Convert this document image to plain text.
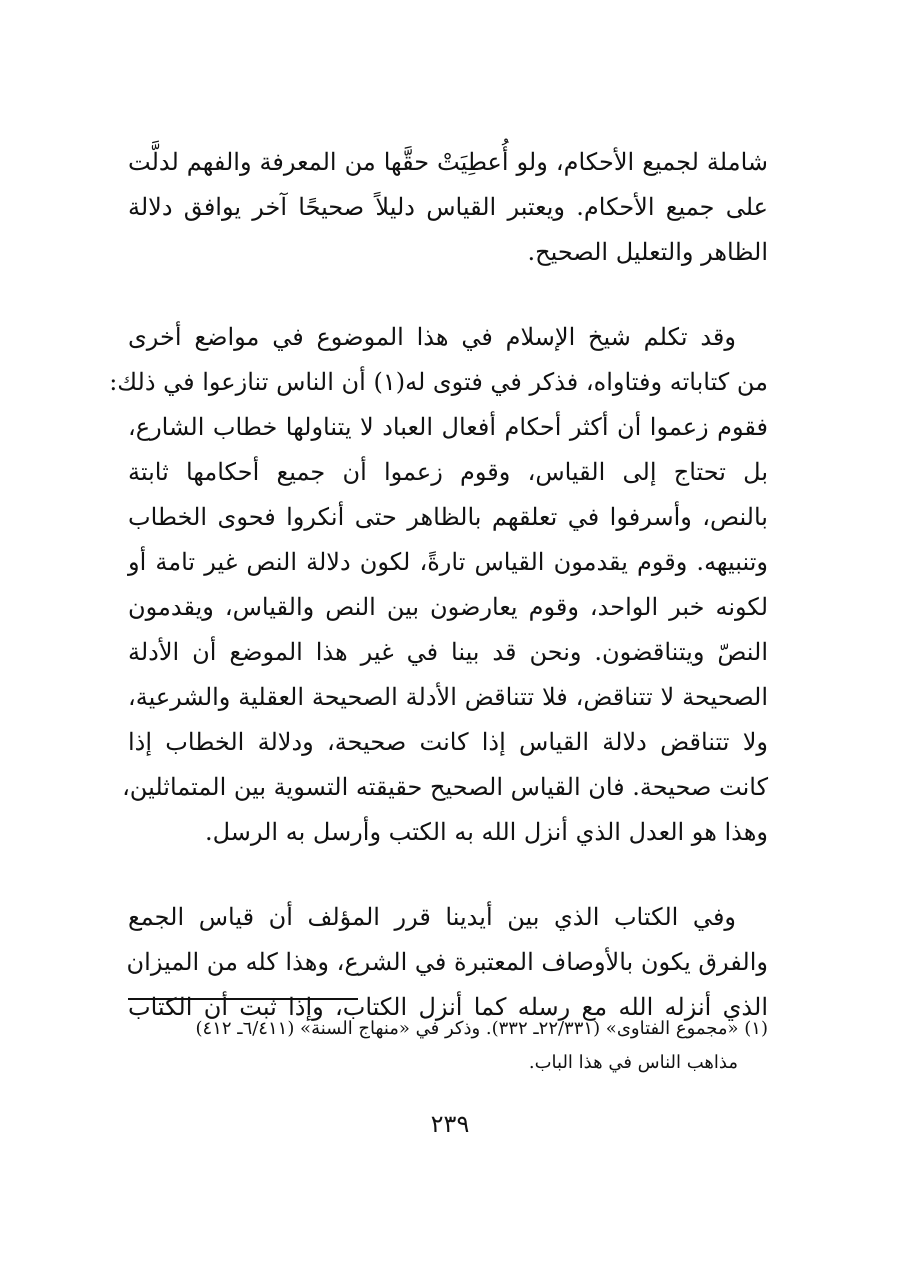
شاملة لجميع الأحكام، ولو أُعطِيَتْ حقَّها من المعرفة والفهم لدلَّت
على جميع الأحكام. ويعتبر القياس دليلاً صحيحًا آخر يوافق دلالة
الظاهر والتعليل الصحيح.
وقد تكلم شيخ الإسلام في هذا الموضوع في مواضع أخرى
من كتاباته وفتاواه، فذكر في فتوى له(١) أن الناس تنازعوا في ذلك:
فقوم زعموا أن أكثر أحكام أفعال العباد لا يتناولها خطاب الشارع،
بل تحتاج إلى القياس، وقوم زعموا أن جميع أحكامها ثابتة
بالنص، وأسرفوا في تعلقهم بالظاهر حتى أنكروا فحوى الخطاب
وتنبيهه. وقوم يقدمون القياس تارةً، لكون دلالة النص غير تامة أو
لكونه خبر الواحد، وقوم يعارضون بين النص والقياس، ويقدمون
النصّ ويتناقضون. ونحن قد بينا في غير هذا الموضع أن الأدلة
الصحيحة لا تتناقض، فلا تتناقض الأدلة الصحيحة العقلية والشرعية،
ولا تتناقض دلالة القياس إذا كانت صحيحة، ودلالة الخطاب إذا
كانت صحيحة. فان القياس الصحيح حقيقته التسوية بين المتماثلين،
وهذا هو العدل الذي أنزل الله به الكتب وأرسل به الرسل.
وفي الكتاب الذي بين أيدينا قرر المؤلف أن قياس الجمع
والفرق يكون بالأوصاف المعتبرة في الشرع، وهذا كله من الميزان
الذي أنزله الله مع رسله كما أنزل الكتاب، وإذا ثبت أن الكتاب
(١) «مجموع الفتاوى» (٢٢/٣٣١ـ ٣٣٢). وذكر في «منهاج السنة» (٦/٤١١ـ ٤١٢)
مذاهب الناس في هذا الباب.
٢٣٩
